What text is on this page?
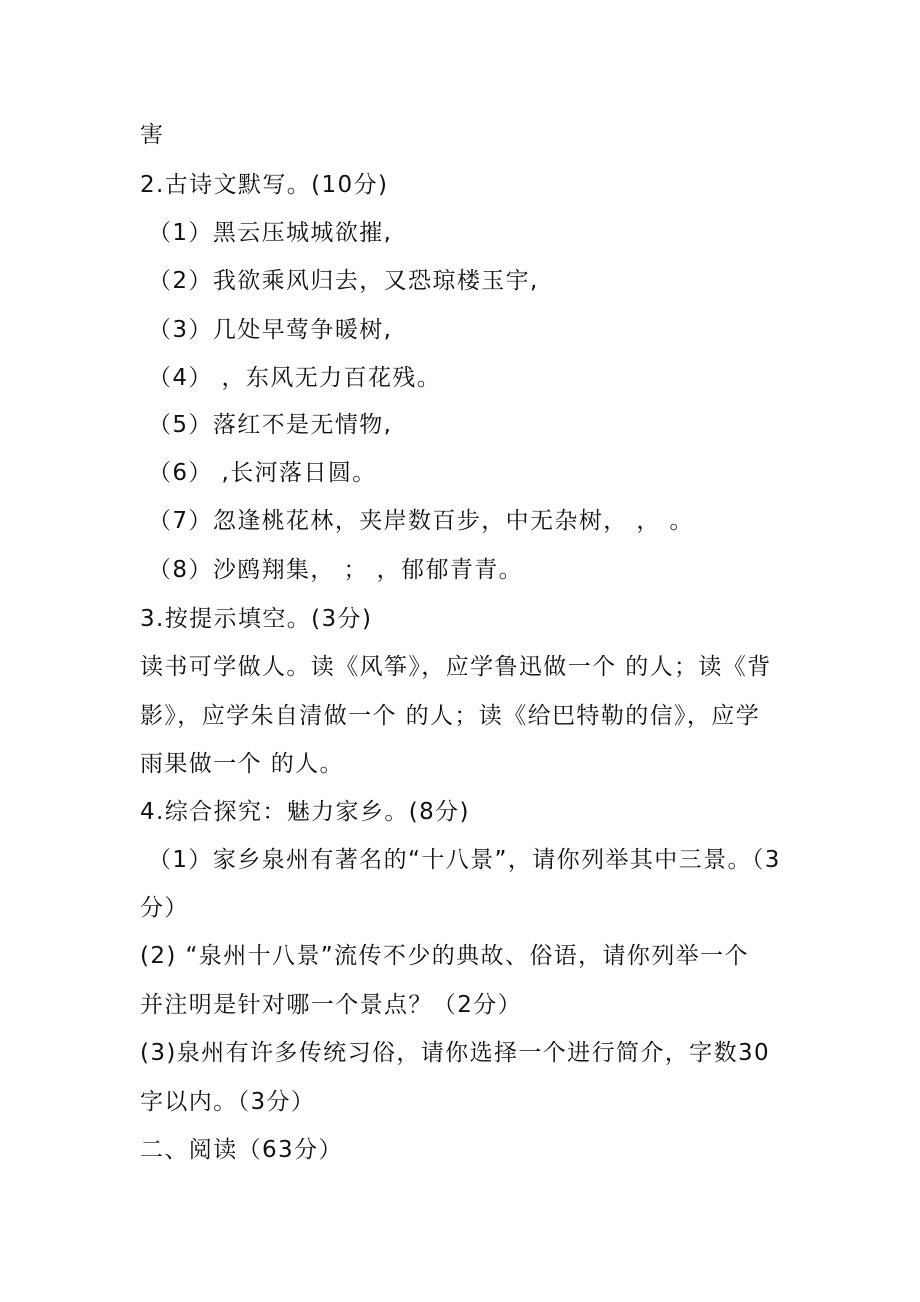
害
2.古诗文默写。(10分)
（1）黑云压城城欲摧,
（2）我欲乘风归去，又恐琼楼玉宇,
（3）几处早莺争暖树,
（4） ，东风无力百花残。
（5）落红不是无情物,
（6） ,长河落日圆。
（7）忽逢桃花林，夹岸数百步，中无杂树， ， 。
（8）沙鸥翔集， ； ，郁郁青青。
3.按提示填空。(3分)
读书可学做人。读《风筝》，应学鲁迅做一个 的人；读《背
影》，应学朱自清做一个 的人；读《给巴特勒的信》，应学
雨果做一个 的人。
4.综合探究：魅力家乡。(8分)
（1）家乡泉州有著名的“十八景”，请你列举其中三景。（3
分）
(2) “泉州十八景”流传不少的典故、俗语，请你列举一个
并注明是针对哪一个景点？（2分）
(3)泉州有许多传统习俗，请你选择一个进行简介，字数30
字以内。（3分）
二、阅读（63分）
